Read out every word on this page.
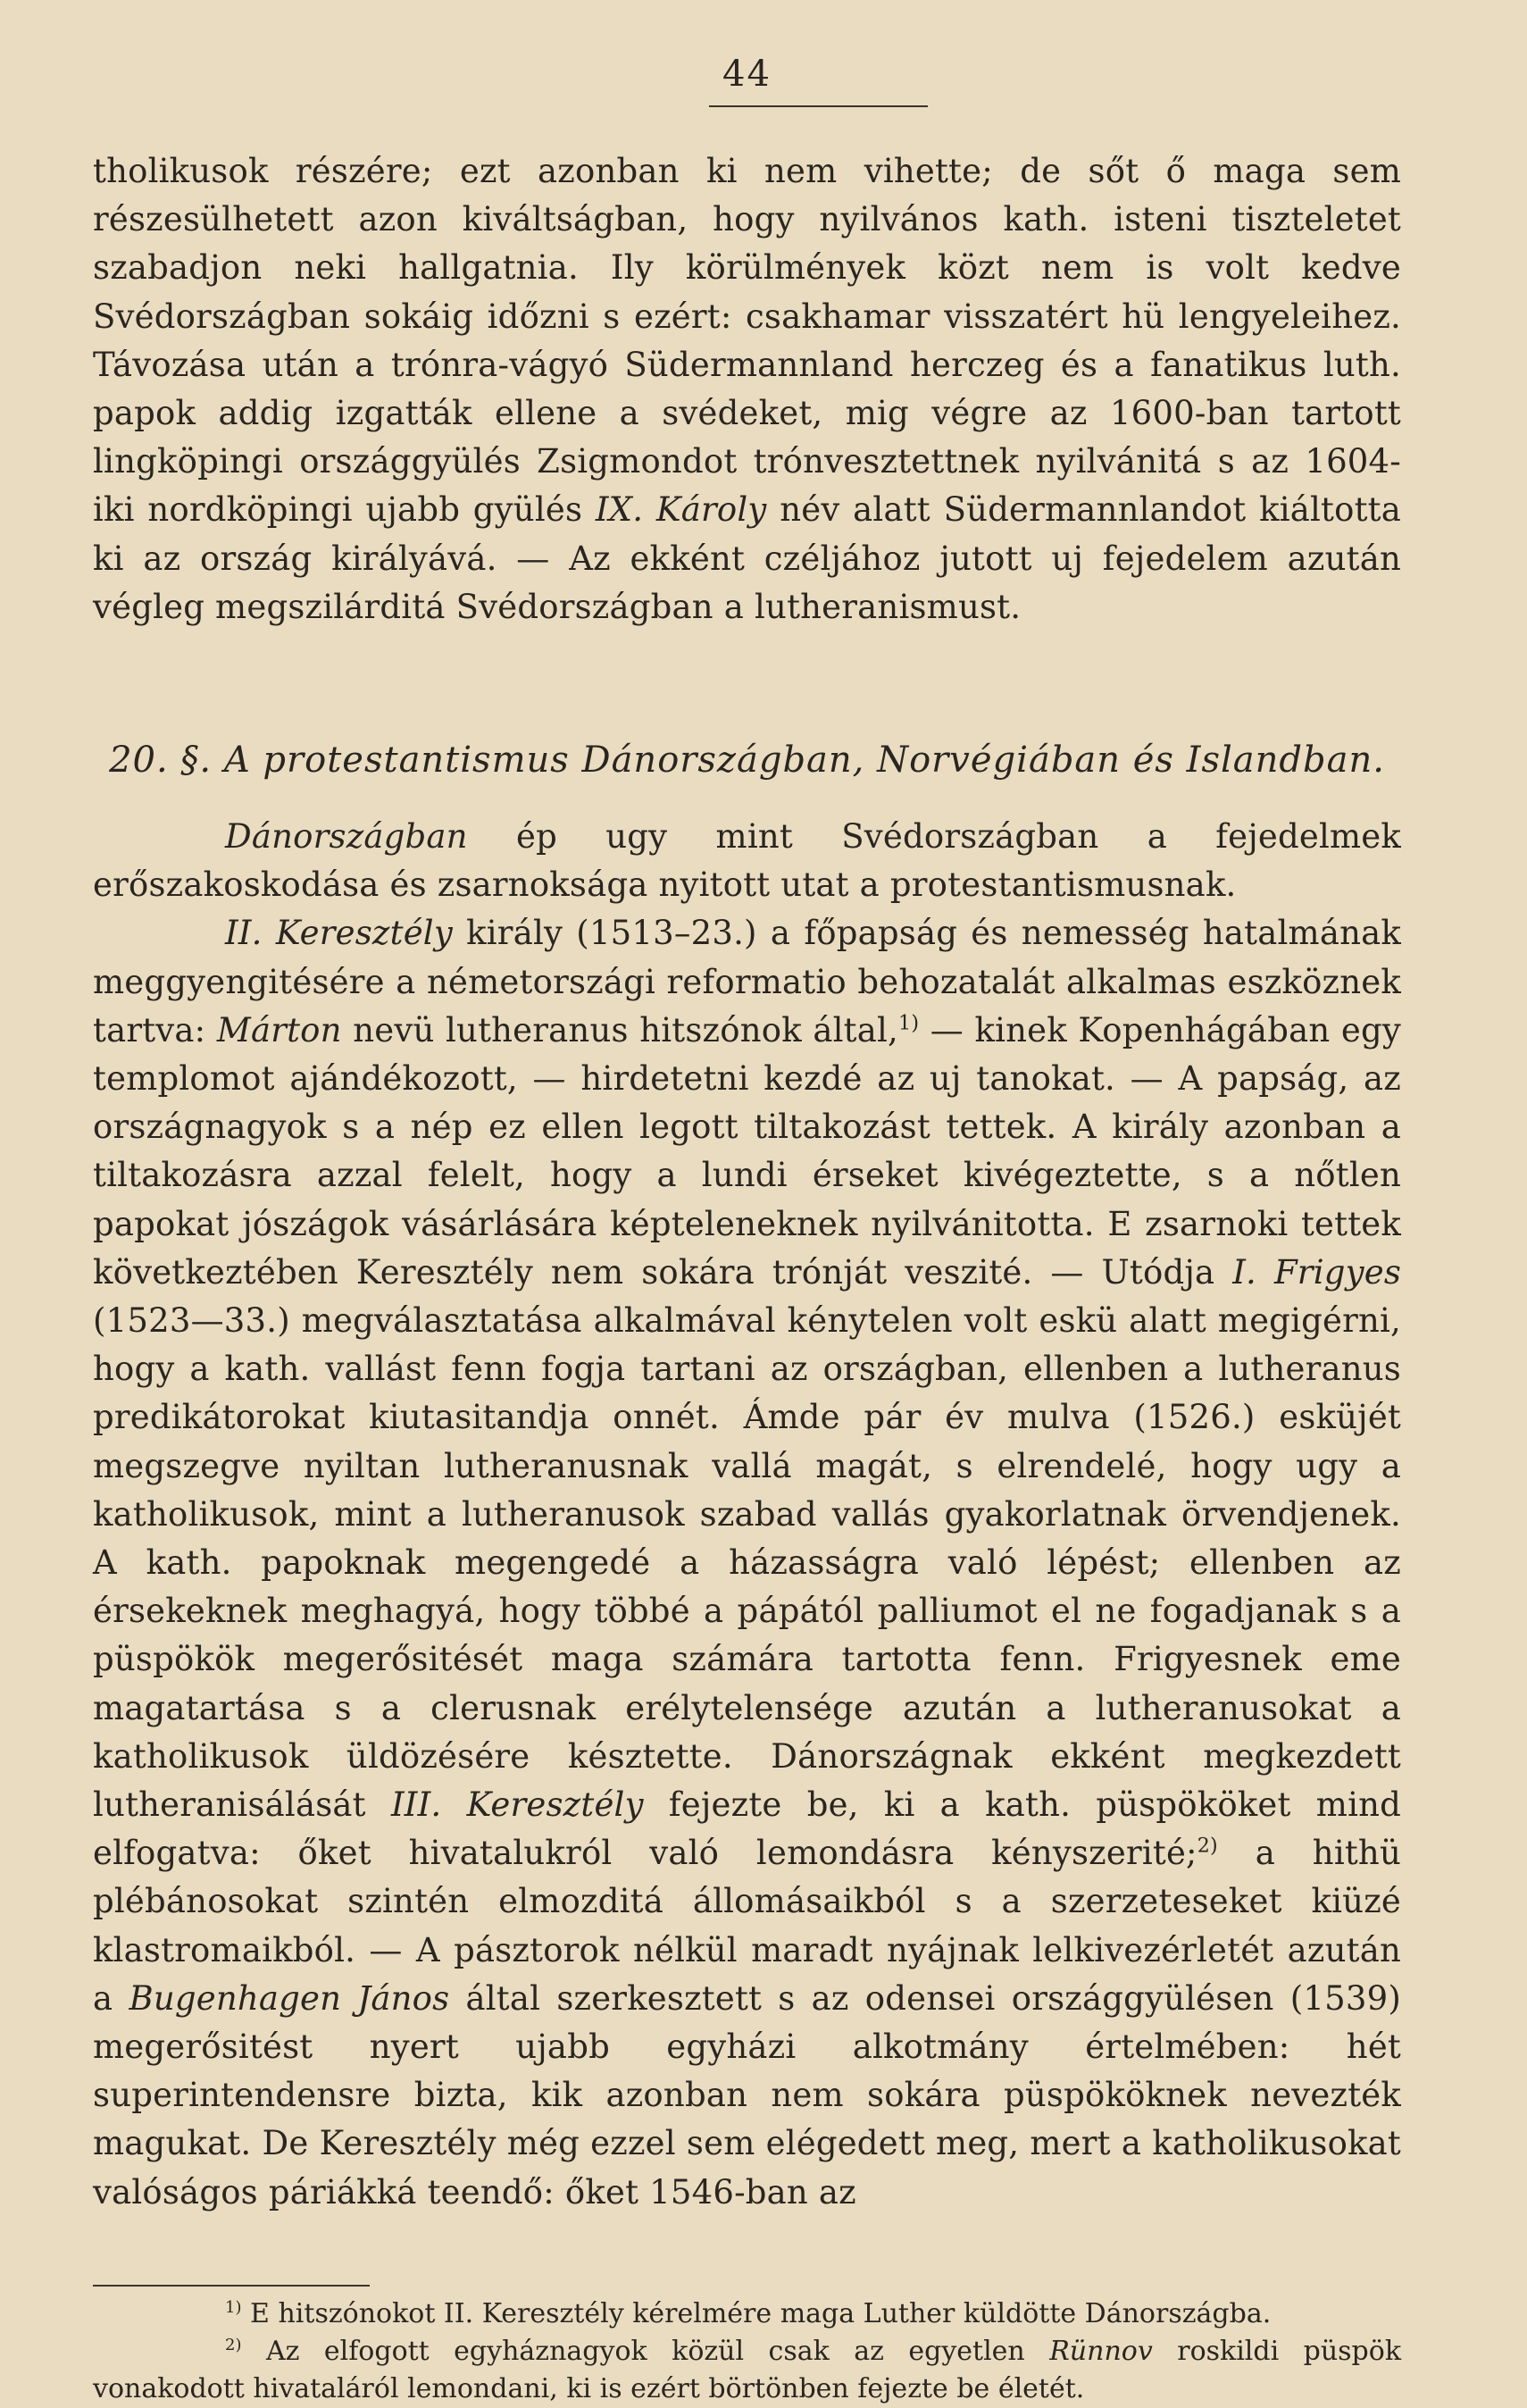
44

tholikusok részére; ezt azonban ki nem vihette; de sőt ő maga sem részesülhetett azon kiváltságban, hogy nyilvános kath. isteni tiszteletet szabadjon neki hallgatnia. Ily körülmények közt nem is volt kedve Svédországban sokáig időzni s ezért: csakhamar visszatért hü lengyeleihez. Távozása után a trónra-vágyó Südermannland herczeg és a fanatikus luth. papok addig izgatták ellene a svédeket, mig végre az 1600-ban tartott lingköpingi országgyülés Zsigmondot trónvesztettnek nyilvánitá s az 1604-iki nordköpingi ujabb gyülés IX. Károly név alatt Südermannlandot kiáltotta ki az ország királyává. — Az ekként czéljához jutott uj fejedelem azután végleg megszilárditá Svédországban a lutheranismust.

20. §. A protestantismus Dánországban, Norvégiában és Islandban.

Dánországban ép ugy mint Svédországban a fejedelmek erőszakoskodása és zsarnoksága nyitott utat a protestantismusnak.

II. Keresztély király (1513–23.) a főpapság és nemesség hatalmának meggyengitésére a németországi reformatio behozatalát alkalmas eszköznek tartva: Márton nevü lutheranus hitszónok által,$^{1)}$ — kinek Kopenhágában egy templomot ajándékozott, — hirdetetni kezdé az uj tanokat. — A papság, az országnagyok s a nép ez ellen legott tiltakozást tettek. A király azonban a tiltakozásra azzal felelt, hogy a lundi érseket kivégeztette, s a nőtlen papokat jószágok vásárlására képteleneknek nyilvánitotta. E zsarnoki tettek következtében Keresztély nem sokára trónját veszité. — Utódja I. Frigyes (1523—33.) megválasztatása alkalmával kénytelen volt eskü alatt megigérni, hogy a kath. vallást fenn fogja tartani az országban, ellenben a lutheranus predikátorokat kiutasitandja onnét. Ámde pár év mulva (1526.) esküjét megszegve nyiltan lutheranusnak vallá magát, s elrendelé, hogy ugy a katholikusok, mint a lutheranusok szabad vallás gyakorlatnak örvendjenek. A kath. papoknak megengedé a házasságra való lépést; ellenben az érsekeknek meghagyá, hogy többé a pápától palliumot el ne fogadjanak s a püspökök megerősitését maga számára tartotta fenn. Frigyesnek eme magatartása s a clerusnak erélytelensége azután a lutheranusokat a katholikusok üldözésére késztette. Dánországnak ekként megkezdett lutheranisálását III. Keresztély fejezte be, ki a kath. püspököket mind elfogatva: őket hivatalukról való lemondásra kényszerité;$^{2)}$ a hithü plébánosokat szintén elmozditá állomásaikból s a szerzeteseket kiüzé klastromaikból. — A pásztorok nélkül maradt nyájnak lelkivezérletét azután a Bugenhagen János által szerkesztett s az odensei országgyülésen (1539) megerősitést nyert ujabb egyházi alkotmány értelmében: hét superintendensre bizta, kik azonban nem sokára püspököknek nevezték magukat. De Keresztély még ezzel sem elégedett meg, mert a katholikusokat valóságos páriákká teendő: őket 1546-ban az

$^{1)}$ E hitszónokot II. Keresztély kérelmére maga Luther küldötte Dánországba.

$^{2)}$ Az elfogott egyháznagyok közül csak az egyetlen Rünnov roskildi püspök vonakodott hivataláról lemondani, ki is ezért börtönben fejezte be életét.
